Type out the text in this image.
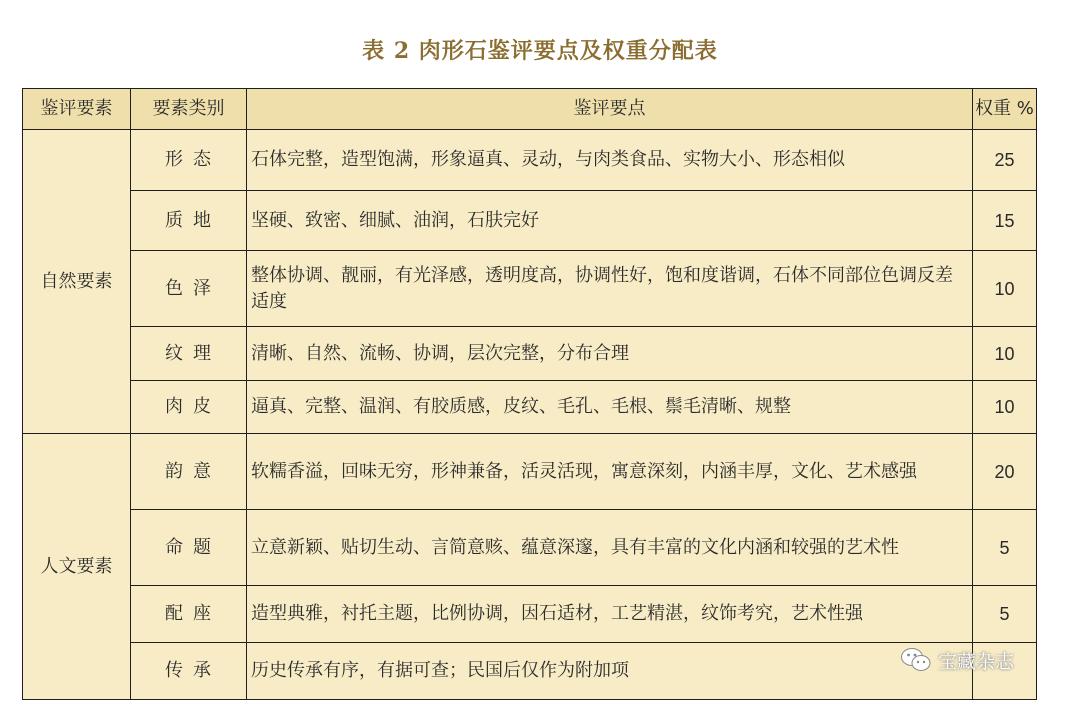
表 2 肉形石鉴评要点及权重分配表
鉴评要素	要素类别	鉴评要点	权重 %
自然要素	形态	石体完整，造型饱满，形象逼真、灵动，与肉类食品、实物大小、形态相似	25
	质地	坚硬、致密、细腻、油润，石肤完好	15
	色泽	整体协调、靓丽，有光泽感，透明度高，协调性好，饱和度谐调，石体不同部位色调反差适度	10
	纹理	清晰、自然、流畅、协调，层次完整，分布合理	10
	肉皮	逼真、完整、温润、有胶质感，皮纹、毛孔、毛根、鬃毛清晰、规整	10
人文要素	韵意	软糯香溢，回味无穷，形神兼备，活灵活现，寓意深刻，内涵丰厚，文化、艺术感强	20
	命题	立意新颖、贴切生动、言简意赅、蕴意深邃，具有丰富的文化内涵和较强的艺术性	5
	配座	造型典雅，衬托主题，比例协调，因石适材，工艺精湛，纹饰考究，艺术性强	5
	传承	历史传承有序，有据可查；民国后仅作为附加项		宝藏杂志
